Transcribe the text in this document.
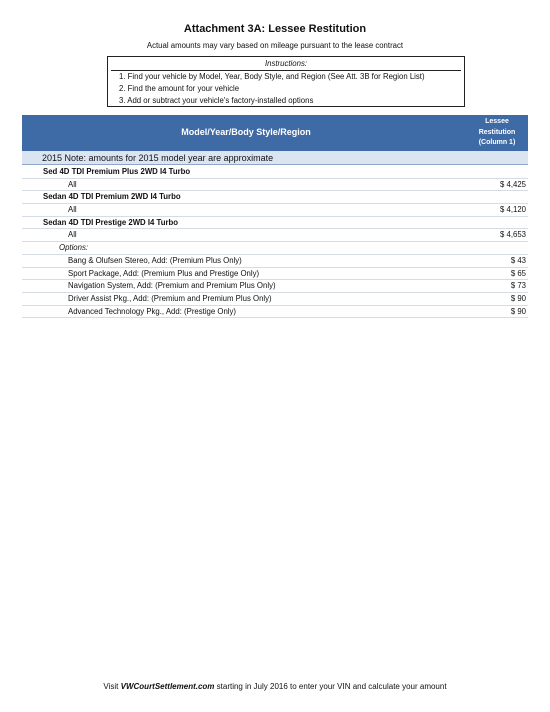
Attachment 3A: Lessee Restitution
Actual amounts may vary based on mileage pursuant to the lease contract
Instructions:
1. Find your vehicle by Model, Year, Body Style, and Region (See Att. 3B for Region List)
2. Find the amount for your vehicle
3. Add or subtract your vehicle's factory-installed options
Model/Year/Body Style/Region
Lessee
Restitution
(Column 1)
2015 Note: amounts for 2015 model year are approximate
Sed 4D TDI Premium Plus 2WD I4 Turbo
All	$ 4,425
Sedan 4D TDI Premium 2WD I4 Turbo
All	$ 4,120
Sedan 4D TDI Prestige 2WD I4 Turbo
All	$ 4,653
Options:
Bang & Olufsen Stereo, Add: (Premium Plus Only)	$ 43
Sport Package, Add: (Premium Plus and Prestige Only)	$ 65
Navigation System, Add: (Premium and Premium Plus Only)	$ 73
Driver Assist Pkg., Add: (Premium and Premium Plus Only)	$ 90
Advanced Technology Pkg., Add: (Prestige Only)	$ 90
Visit VWCourtSettlement.com starting in July 2016 to enter your VIN and calculate your amount
